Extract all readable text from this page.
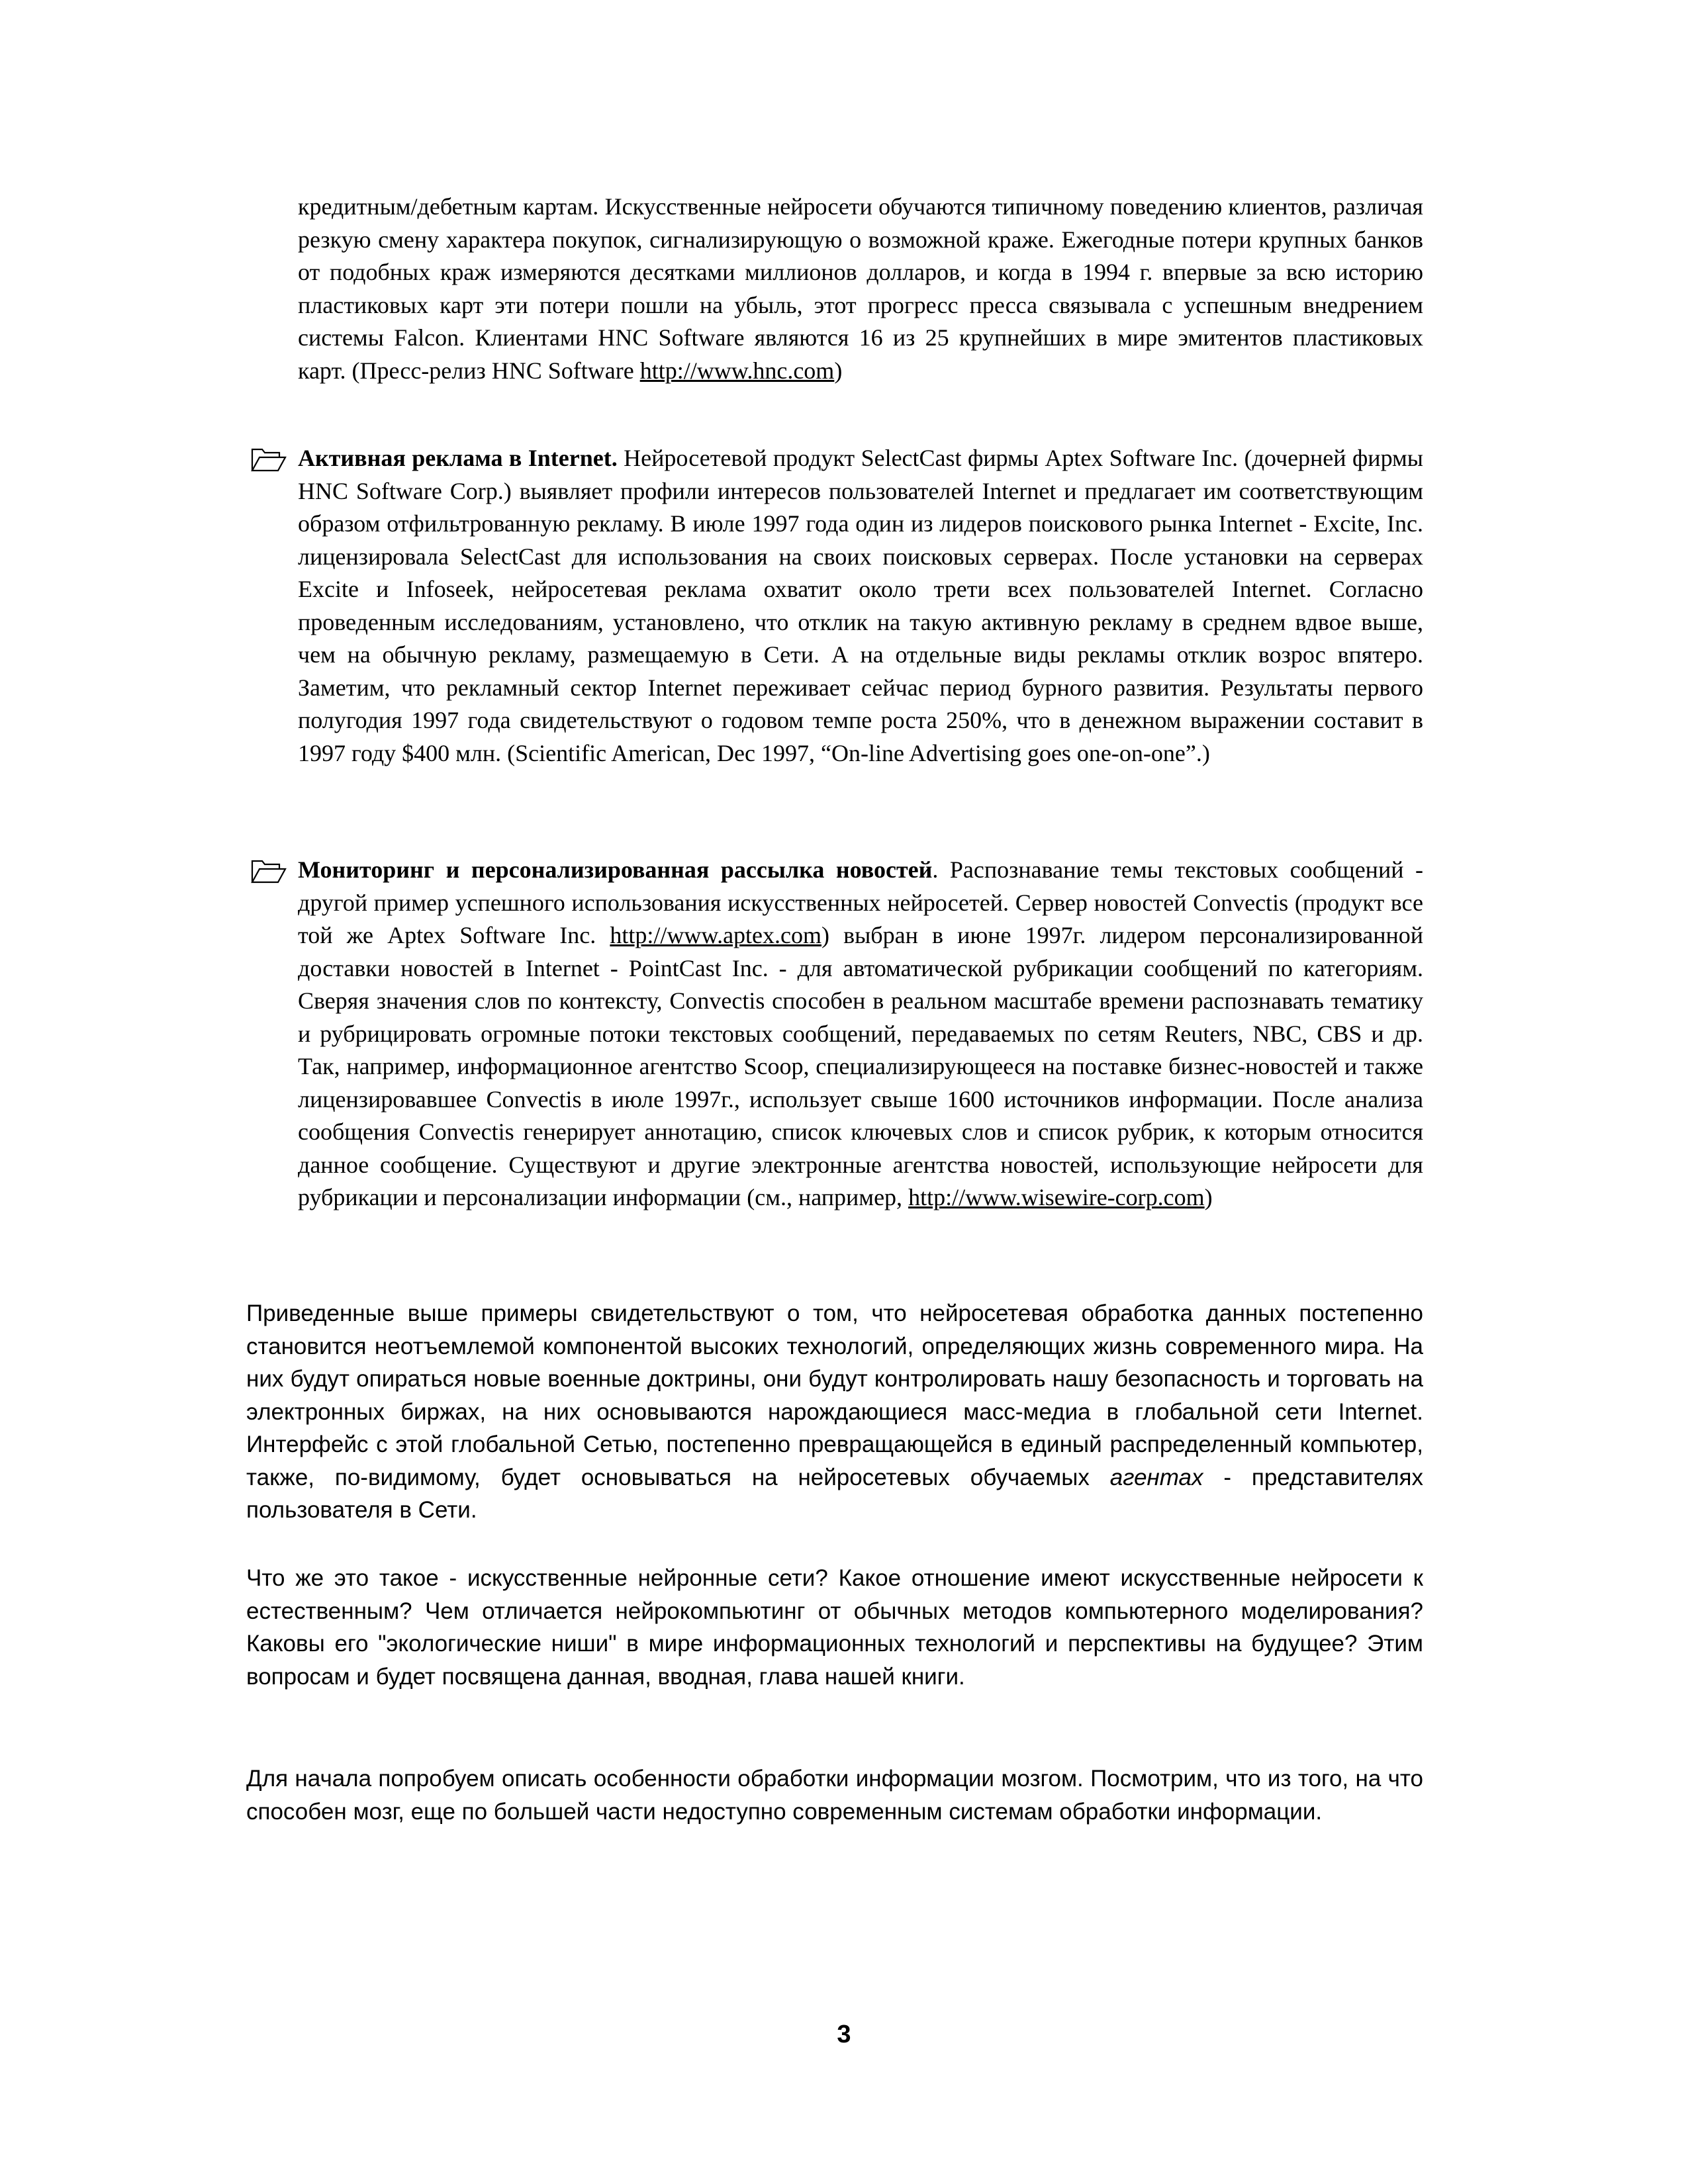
кредитным/дебетным картам. Искусственные нейросети обучаются типичному поведению клиентов, различая резкую смену характера покупок, сигнализирующую о возможной краже. Ежегодные потери крупных банков от подобных краж измеряются десятками миллионов долларов, и когда в 1994 г. впервые за всю историю пластиковых карт эти потери пошли на убыль, этот прогресс пресса связывала с успешным внедрением системы Falcon. Клиентами HNC Software являются 16 из 25 крупнейших в мире эмитентов пластиковых карт. (Пресс-релиз HNC Software http://www.hnc.com)

Активная реклама в Internet. Нейросетевой продукт SelectCast фирмы Aptex Software Inc. (дочерней фирмы HNC Software Corp.) выявляет профили интересов пользователей Internet и предлагает им соответствующим образом отфильтрованную рекламу. В июле 1997 года один из лидеров поискового рынка Internet - Excite, Inc. лицензировала SelectCast для использования на своих поисковых серверах. После установки на серверах Excite и Infoseek, нейросетевая реклама охватит около трети всех пользователей Internet. Согласно проведенным исследованиям, установлено, что отклик на такую активную рекламу в среднем вдвое выше, чем на обычную рекламу, размещаемую в Сети. А на отдельные виды рекламы отклик возрос впятеро. Заметим, что рекламный сектор Internet переживает сейчас период бурного развития. Результаты первого полугодия 1997 года свидетельствуют о годовом темпе роста 250%, что в денежном выражении составит в 1997 году $400 млн. (Scientific American, Dec 1997, “On-line Advertising goes one-on-one”.)
Мониторинг и персонализированная рассылка новостей. Распознавание темы текстовых сообщений - другой пример успешного использования искусственных нейросетей. Сервер новостей Convectis (продукт все той же Aptex Software Inc. http://www.aptex.com) выбран в июне 1997г. лидером персонализированной доставки новостей в Internet - PointCast Inc. - для автоматической рубрикации сообщений по категориям. Сверяя значения слов по контексту, Convectis способен в реальном масштабе времени распознавать тематику и рубрицировать огромные потоки текстовых сообщений, передаваемых по сетям Reuters, NBC, CBS и др. Так, например, информационное агентство Scoop, специализирующееся на поставке бизнес-новостей и также лицензировавшее Convectis в июле 1997г., использует свыше 1600 источников информации. После анализа сообщения Convectis генерирует аннотацию, список ключевых слов и список рубрик, к которым относится данное сообщение. Существуют и другие электронные агентства новостей, использующие нейросети для рубрикации и персонализации информации (см., например, http://www.wisewire-corp.com)

Приведенные выше примеры свидетельствуют о том, что нейросетевая обработка данных постепенно становится неотъемлемой компонентой высоких технологий, определяющих жизнь современного мира. На них будут опираться новые военные доктрины, они будут контролировать нашу безопасность и торговать на электронных биржах, на них основываются нарождающиеся масс-медиа в глобальной сети Internet. Интерфейс с этой глобальной Сетью, постепенно превращающейся в единый распределенный компьютер, также, по-видимому, будет основываться на нейросетевых обучаемых агентах - представителях пользователя в Сети.

Что же это такое - искусственные нейронные сети? Какое отношение имеют искусственные нейросети к естественным? Чем отличается нейрокомпьютинг от обычных методов компьютерного моделирования? Каковы его "экологические ниши" в мире информационных технологий и перспективы на будущее? Этим вопросам и будет посвящена данная, вводная, глава нашей книги.

Для начала попробуем описать особенности обработки информации мозгом. Посмотрим, что из того, на что способен мозг, еще по большей части недоступно современным системам обработки информации.

3
